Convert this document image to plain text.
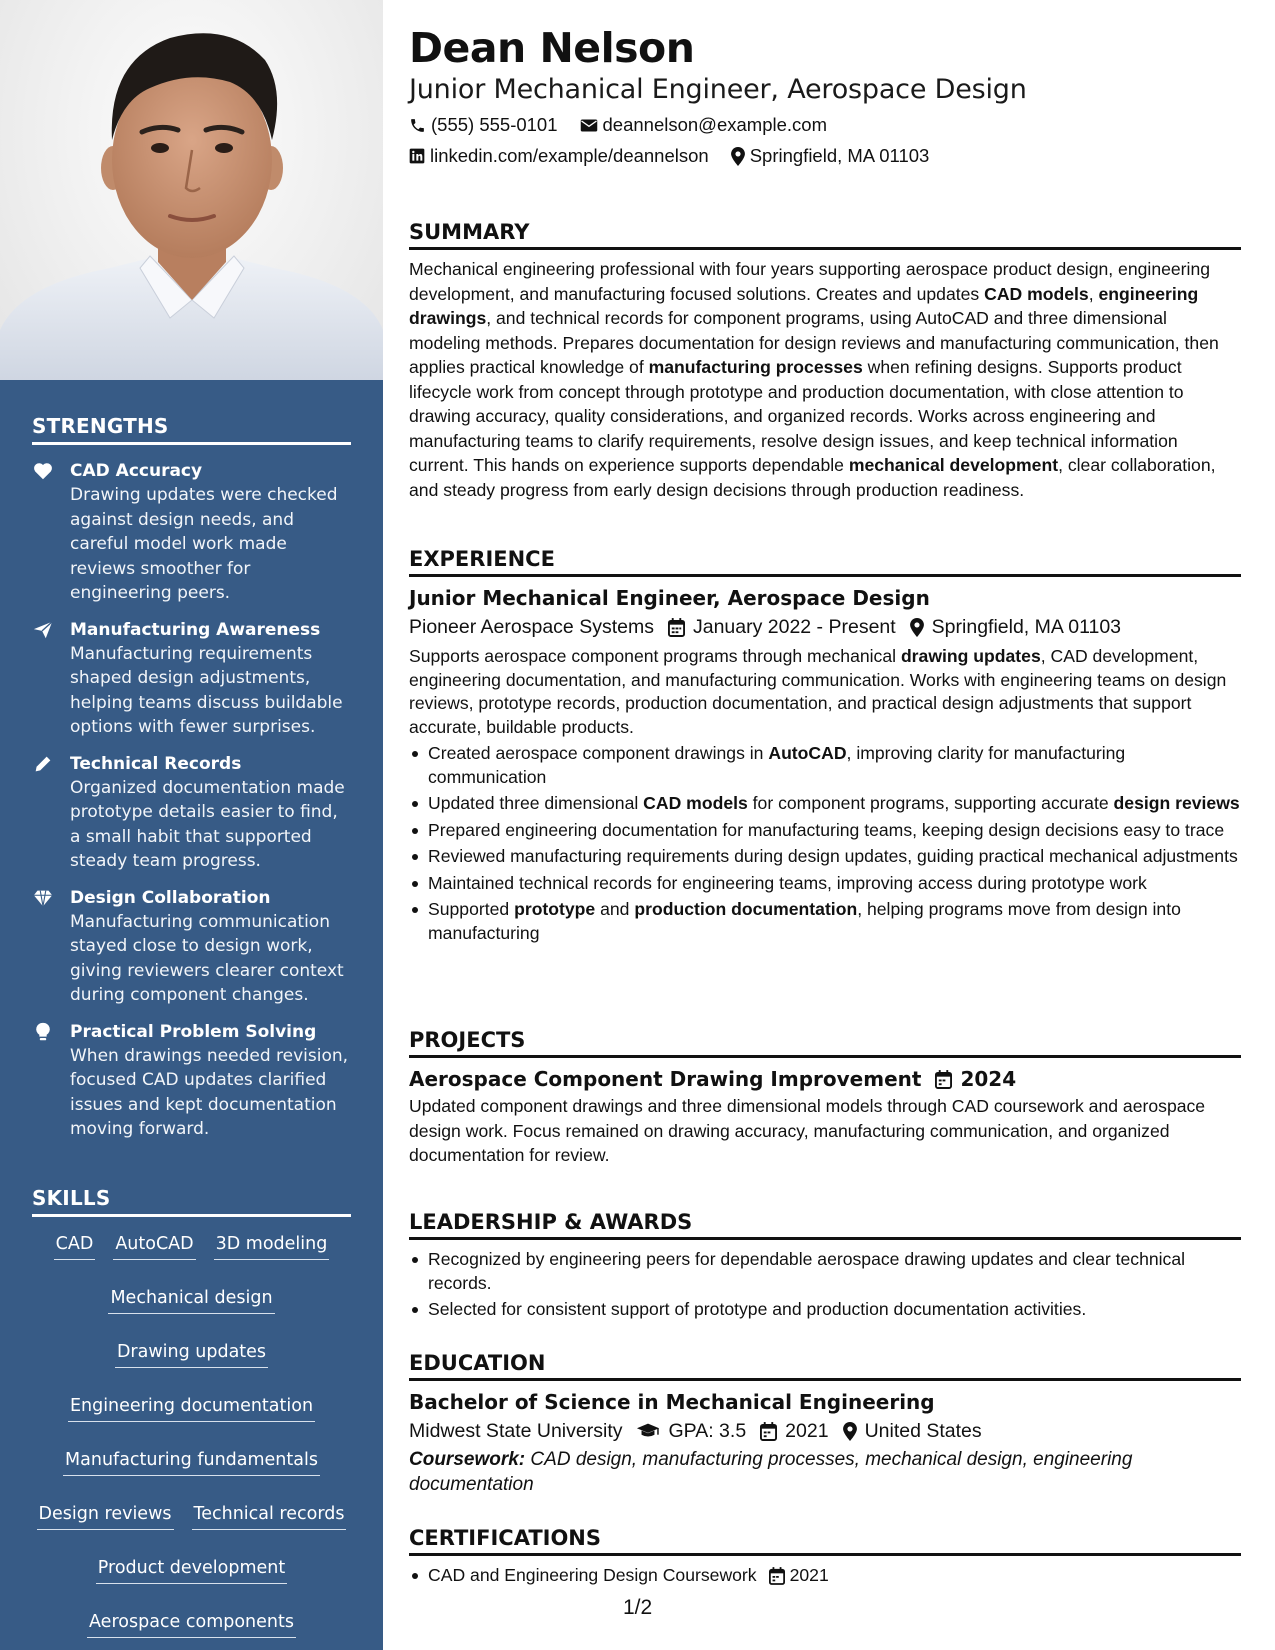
STRENGTHS
CAD Accuracy
Drawing updates were checked against design needs, and careful model work made reviews smoother for engineering peers.
Manufacturing Awareness
Manufacturing requirements shaped design adjustments, helping teams discuss buildable options with fewer surprises.
Technical Records
Organized documentation made prototype details easier to find, a small habit that supported steady team progress.
Design Collaboration
Manufacturing communication stayed close to design work, giving reviewers clearer context during component changes.
Practical Problem Solving
When drawings needed revision, focused CAD updates clarified issues and kept documentation moving forward.
SKILLS
CAD AutoCAD 3D modeling
Mechanical design
Drawing updates
Engineering documentation
Manufacturing fundamentals
Design reviews Technical records
Product development
Aerospace components
Dean Nelson
Junior Mechanical Engineer, Aerospace Design
(555) 555-0101 deannelson@example.com
linkedin.com/example/deannelson Springfield, MA 01103
SUMMARY
Mechanical engineering professional with four years supporting aerospace product design, engineering development, and manufacturing focused solutions. Creates and updates CAD models, engineering drawings, and technical records for component programs, using AutoCAD and three dimensional modeling methods. Prepares documentation for design reviews and manufacturing communication, then applies practical knowledge of manufacturing processes when refining designs. Supports product lifecycle work from concept through prototype and production documentation, with close attention to drawing accuracy, quality considerations, and organized records. Works across engineering and manufacturing teams to clarify requirements, resolve design issues, and keep technical information current. This hands on experience supports dependable mechanical development, clear collaboration, and steady progress from early design decisions through production readiness.
EXPERIENCE
Junior Mechanical Engineer, Aerospace Design
Pioneer Aerospace Systems January 2022 - Present Springfield, MA 01103
Supports aerospace component programs through mechanical drawing updates, CAD development, engineering documentation, and manufacturing communication. Works with engineering teams on design reviews, prototype records, production documentation, and practical design adjustments that support accurate, buildable products.
Created aerospace component drawings in AutoCAD, improving clarity for manufacturing communication
Updated three dimensional CAD models for component programs, supporting accurate design reviews
Prepared engineering documentation for manufacturing teams, keeping design decisions easy to trace
Reviewed manufacturing requirements during design updates, guiding practical mechanical adjustments
Maintained technical records for engineering teams, improving access during prototype work
Supported prototype and production documentation, helping programs move from design into manufacturing
PROJECTS
Aerospace Component Drawing Improvement 2024
Updated component drawings and three dimensional models through CAD coursework and aerospace design work. Focus remained on drawing accuracy, manufacturing communication, and organized documentation for review.
LEADERSHIP & AWARDS
Recognized by engineering peers for dependable aerospace drawing updates and clear technical records.
Selected for consistent support of prototype and production documentation activities.
EDUCATION
Bachelor of Science in Mechanical Engineering
Midwest State University GPA: 3.5 2021 United States
Coursework: CAD design, manufacturing processes, mechanical design, engineering documentation
CERTIFICATIONS
CAD and Engineering Design Coursework 2021
1/2
